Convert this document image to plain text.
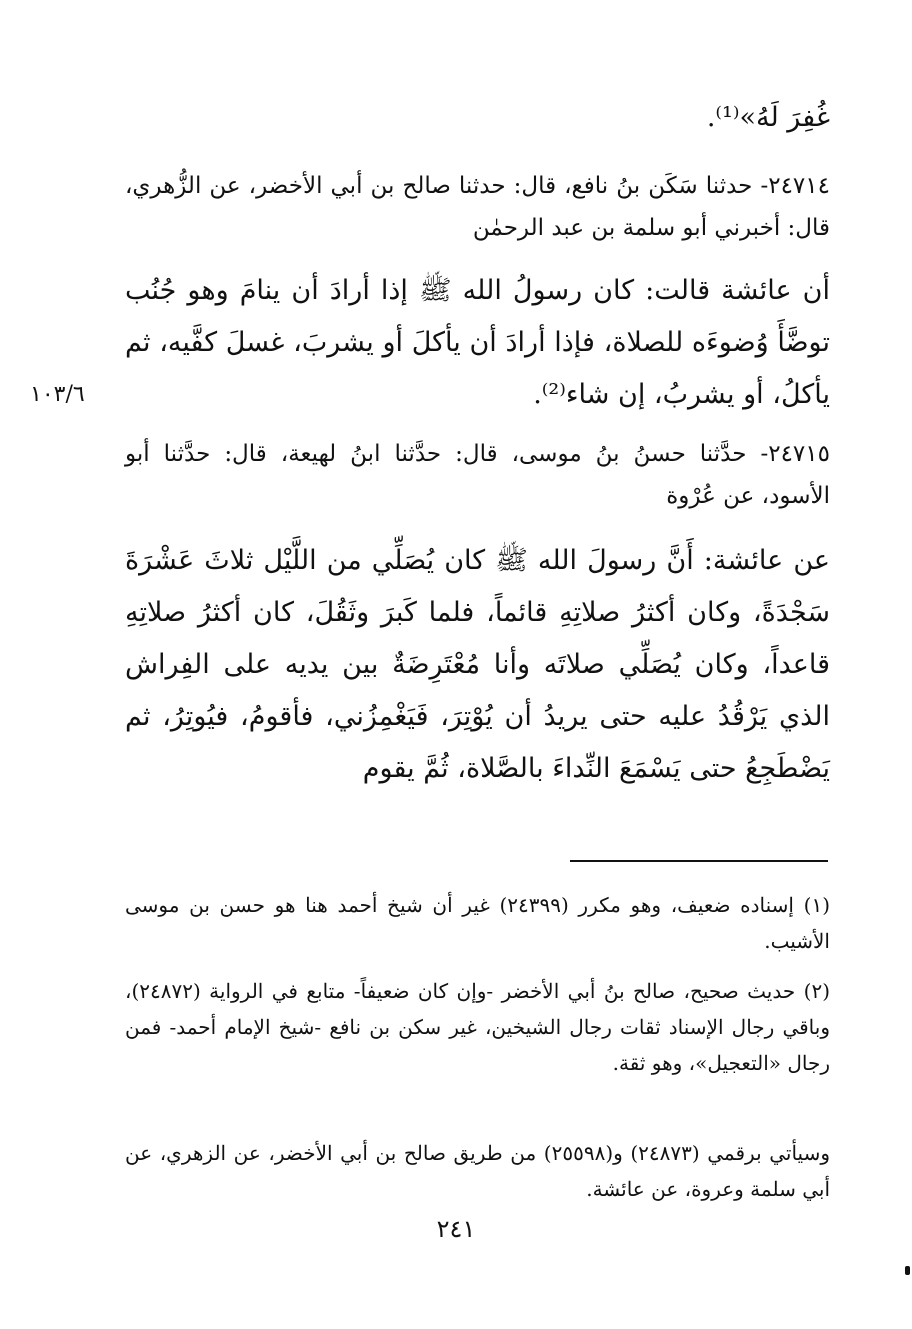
غُفِرَ لَهُ»⁽¹⁾.
٢٤٧١٤- حدثنا سَكَن بنُ نافع، قال: حدثنا صالح بن أبي الأخضر، عن الزُّهري، قال: أخبرني أبو سلمة بن عبد الرحمٰن
أن عائشة قالت: كان رسولُ الله ﷺ إذا أرادَ أن ينامَ وهو جُنُب توضَّأَ وُضوءَه للصلاة، فإذا أرادَ أن يأكلَ أو يشربَ، غسلَ كفَّيه، ثم يأكلُ، أو يشربُ، إن شاء⁽²⁾.
١٠٣/٦
٢٤٧١٥- حدَّثنا حسنُ بنُ موسى، قال: حدَّثنا ابنُ لهيعة، قال: حدَّثنا أبو الأسود، عن عُرْوة
عن عائشة: أَنَّ رسولَ الله ﷺ كان يُصَلِّي من اللَّيْل ثلاثَ عَشْرَةَ سَجْدَةً، وكان أكثرُ صلاتِهِ قائماً، فلما كَبرَ وثَقُلَ، كان أكثرُ صلاتِهِ قاعداً، وكان يُصَلِّي صلاتَه وأنا مُعْتَرِضَةٌ بين يديه على الفِراش الذي يَرْقُدُ عليه حتى يريدُ أن يُوْتِرَ، فَيَغْمِزُني، فأقومُ، فيُوتِرُ، ثم يَضْطَجِعُ حتى يَسْمَعَ النِّداءَ بالصَّلاة، ثُمَّ يقوم
(١) إسناده ضعيف، وهو مكرر (٢٤٣٩٩) غير أن شيخ أحمد هنا هو حسن بن موسى الأشيب.
(٢) حديث صحيح، صالح بنُ أبي الأخضر -وإن كان ضعيفاً- متابع في الرواية (٢٤٨٧٢)، وباقي رجال الإسناد ثقات رجال الشيخين، غير سكن بن نافع -شيخ الإمام أحمد- فمن رجال «التعجيل»، وهو ثقة.
وسيأتي برقمي (٢٤٨٧٣) و(٢٥٥٩٨) من طريق صالح بن أبي الأخضر، عن الزهري، عن أبي سلمة وعروة، عن عائشة.
٢٤١
